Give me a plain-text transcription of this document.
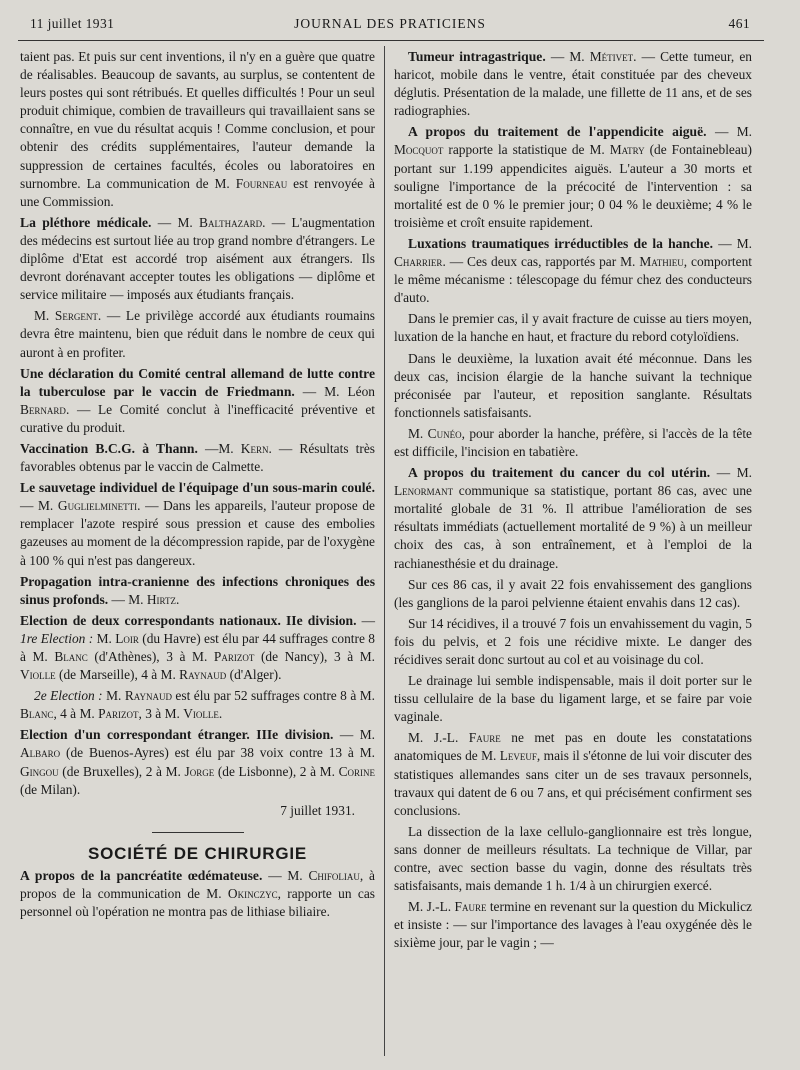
11 juillet 1931	JOURNAL DES PRATICIENS	461

taient pas. Et puis sur cent inventions, il n'y en a guère que quatre de réalisables. Beaucoup de savants, au surplus, se contentent de leurs postes qui sont rétribués. Et quelles difficultés ! Pour un seul produit chimique, combien de travailleurs qui travaillaient sans se connaître, en vue du résultat acquis ! Comme conclusion, et pour obtenir des crédits supplémentaires, l'auteur demande la suppression de certaines facultés, écoles ou laboratoires en surnombre. La communication de M. Fourneau est renvoyée à une Commission.

La pléthore médicale. — M. Balthazard. — L'augmentation des médecins est surtout liée au trop grand nombre d'étrangers. Le diplôme d'Etat est accordé trop aisément aux étrangers. Ils devront dorénavant accepter toutes les obligations — diplôme et service militaire — imposés aux étudiants français.

M. Sergent. — Le privilège accordé aux étudiants roumains devra être maintenu, bien que réduit dans le nombre de ceux qui auront à en profiter.

Une déclaration du Comité central allemand de lutte contre la tuberculose par le vaccin de Friedmann. — M. Léon Bernard. — Le Comité conclut à l'inefficacité préventive et curative du produit.

Vaccination B.C.G. à Thann. —M. Kern. — Résultats très favorables obtenus par le vaccin de Calmette.

Le sauvetage individuel de l'équipage d'un sous-marin coulé. — M. Guglielminetti. — Dans les appareils, l'auteur propose de remplacer l'azote respiré sous pression et cause des embolies gazeuses au moment de la décompression rapide, par de l'oxygène à 100 % qui n'est pas dangereux.

Propagation intra-cranienne des infections chroniques des sinus profonds. — M. Hirtz.

Election de deux correspondants nationaux. IIe division. — 1re Election : M. Loir (du Havre) est élu par 44 suffrages contre 8 à M. Blanc (d'Athènes), 3 à M. Parizot (de Nancy), 3 à M. Violle (de Marseille), 4 à M. Raynaud (d'Alger).

2e Election : M. Raynaud est élu par 52 suffrages contre 8 à M. Blanc, 4 à M. Parizot, 3 à M. Violle.

Election d'un correspondant étranger. IIIe division. — M. Albaro (de Buenos-Ayres) est élu par 38 voix contre 13 à M. Gingou (de Bruxelles), 2 à M. Jorge (de Lisbonne), 2 à M. Corine (de Milan).

7 juillet 1931.

SOCIÉTÉ DE CHIRURGIE

A propos de la pancréatite œdémateuse. — M. Chifoliau, à propos de la communication de M. Okinczyc, rapporte un cas personnel où l'opération ne montra pas de lithiase biliaire.

Tumeur intragastrique. — M. Métivet. — Cette tumeur, en haricot, mobile dans le ventre, était constituée par des cheveux déglutis. Présentation de la malade, une fillette de 11 ans, et de ses radiographies.

A propos du traitement de l'appendicite aiguë. — M. Mocquot rapporte la statistique de M. Matry (de Fontainebleau) portant sur 1.199 appendicites aiguës. L'auteur a 30 morts et souligne l'importance de la précocité de l'intervention : sa mortalité est de 0 % le premier jour; 0 04 % le deuxième; 4 % le troisième et croît ensuite rapidement.

Luxations traumatiques irréductibles de la hanche. — M. Charrier. — Ces deux cas, rapportés par M. Mathieu, comportent le même mécanisme : télescopage du fémur chez des conducteurs d'auto.

Dans le premier cas, il y avait fracture de cuisse au tiers moyen, luxation de la hanche en haut, et fracture du rebord cotyloïdiens.

Dans le deuxième, la luxation avait été méconnue. Dans les deux cas, incision élargie de la hanche suivant la technique préconisée par l'auteur, et reposition sanglante. Résultats fonctionnels satisfaisants.

M. Cunéo, pour aborder la hanche, préfère, si l'accès de la tête est difficile, l'incision en tabatière.

A propos du traitement du cancer du col utérin. — M. Lenormant communique sa statistique, portant 86 cas, avec une mortalité globale de 31 %. Il attribue l'amélioration de ses résultats immédiats (actuellement mortalité de 9 %) à un meilleur choix des cas, à son entraînement, et à l'emploi de la rachianesthésie et du drainage.

Sur ces 86 cas, il y avait 22 fois envahissement des ganglions (les ganglions de la paroi pelvienne étaient envahis dans 12 cas).

Sur 14 récidives, il a trouvé 7 fois un envahissement du vagin, 5 fois du pelvis, et 2 fois une récidive mixte. Le danger des récidives serait donc surtout au col et au voisinage du col.

Le drainage lui semble indispensable, mais il doit porter sur le tissu cellulaire de la base du ligament large, et se faire par voie vaginale.

M. J.-L. Faure ne met pas en doute les constatations anatomiques de M. Leveuf, mais il s'étonne de lui voir discuter des statistiques allemandes sans citer un de ses travaux personnels, travaux qui datent de 6 ou 7 ans, et qui précisément confirment ses conclusions.

La dissection de la laxe cellulo-ganglionnaire est très longue, sans donner de meilleurs résultats. La technique de Villar, par contre, avec section basse du vagin, donne des résultats très satisfaisants, mais demande 1 h. 1/4 à un chirurgien exercé.

M. J.-L. Faure termine en revenant sur la question du Mickulicz et insiste : — sur l'importance des lavages à l'eau oxygénée dès le sixième jour, par le vagin ; —
